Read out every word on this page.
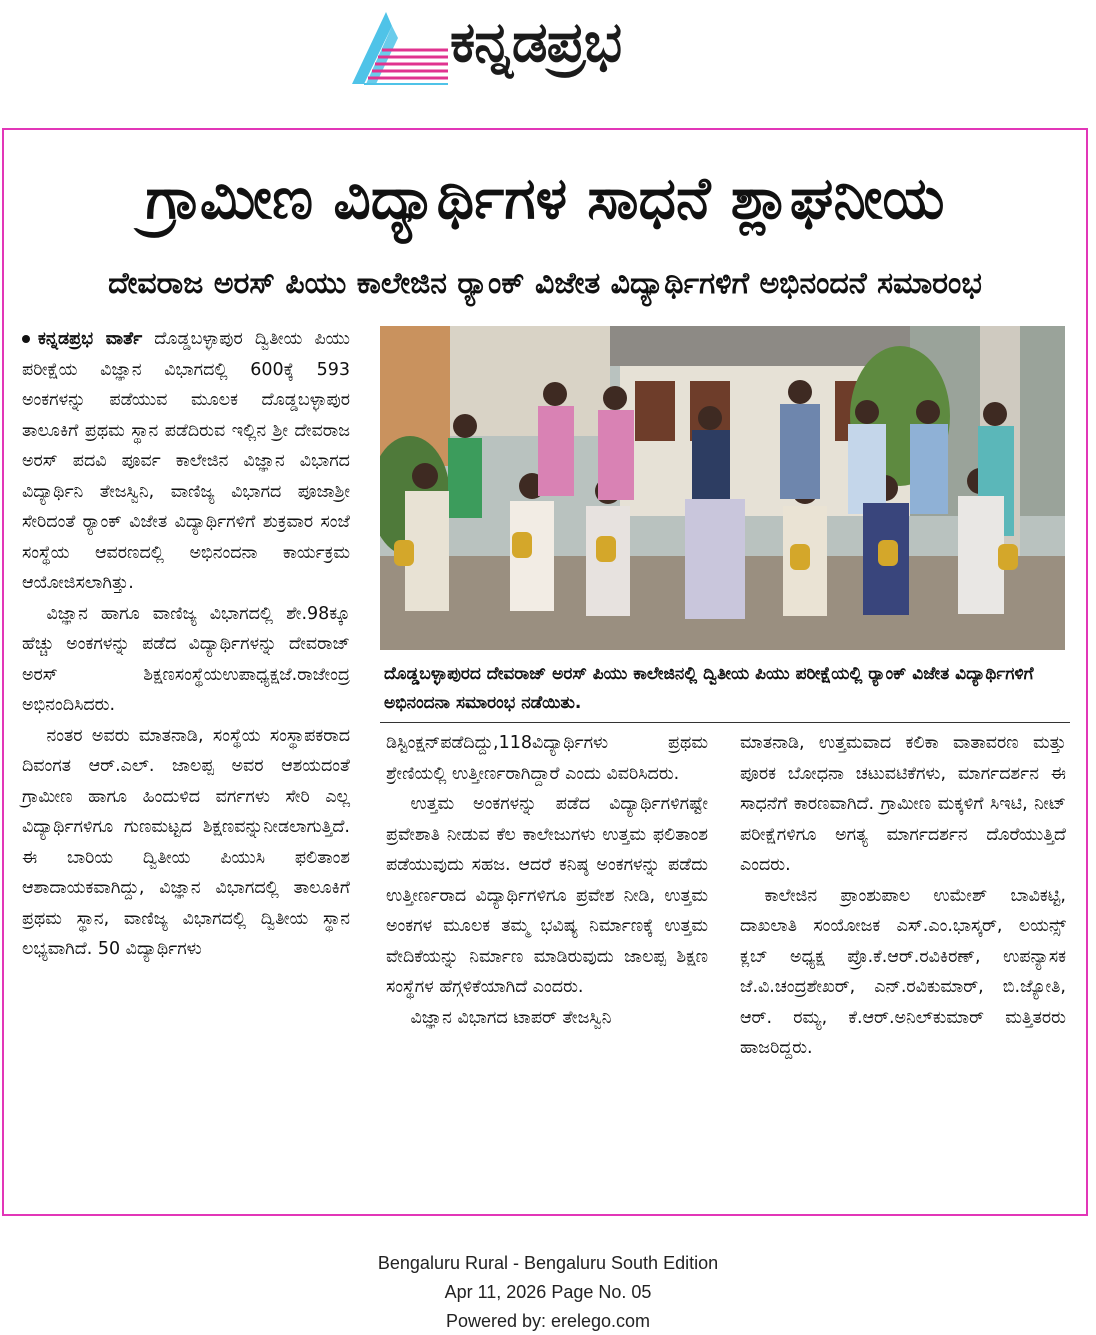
ಕನ್ನಡಪ್ರಭ
ಗ್ರಾಮೀಣ ವಿದ್ಯಾರ್ಥಿಗಳ ಸಾಧನೆ ಶ್ಲಾಘನೀಯ
ದೇವರಾಜ ಅರಸ್ ಪಿಯು ಕಾಲೇಜಿನ ರ‍್ಯಾಂಕ್ ವಿಜೇತ ವಿದ್ಯಾರ್ಥಿಗಳಿಗೆ ಅಭಿನಂದನೆ ಸಮಾರಂಭ

ಕನ್ನಡಪ್ರಭ ವಾರ್ತೆ ದೊಡ್ಡಬಳ್ಳಾಪುರ ದ್ವಿತೀಯ ಪಿಯು ಪರೀಕ್ಷೆಯ ವಿಜ್ಞಾನ ವಿಭಾಗದಲ್ಲಿ 600ಕ್ಕೆ 593 ಅಂಕಗಳನ್ನು ಪಡೆಯುವ ಮೂಲಕ ದೊಡ್ಡಬಳ್ಳಾಪುರ ತಾಲೂಕಿಗೆ ಪ್ರಥಮ ಸ್ಥಾನ ಪಡೆದಿರುವ ಇಲ್ಲಿನ ಶ್ರೀ ದೇವರಾಜ ಅರಸ್ ಪದವಿ ಪೂರ್ವ ಕಾಲೇಜಿನ ವಿಜ್ಞಾನ ವಿಭಾಗದ ವಿದ್ಯಾರ್ಥಿನಿ ತೇಜಸ್ವಿನಿ, ವಾಣಿಜ್ಯ ವಿಭಾಗದ ಪೂಜಾಶ್ರೀ ಸೇರಿದಂತೆ ರ‍್ಯಾಂಕ್ ವಿಜೇತ ವಿದ್ಯಾರ್ಥಿಗಳಿಗೆ ಶುಕ್ರವಾರ ಸಂಜೆ ಸಂಸ್ಥೆಯ ಆವರಣದಲ್ಲಿ ಅಭಿನಂದನಾ ಕಾರ್ಯಕ್ರಮ ಆಯೋಜಿಸಲಾಗಿತ್ತು.

ವಿಜ್ಞಾನ ಹಾಗೂ ವಾಣಿಜ್ಯ ವಿಭಾಗದಲ್ಲಿ ಶೇ.98ಕ್ಕೂ ಹೆಚ್ಚು ಅಂಕಗಳನ್ನು ಪಡೆದ ವಿದ್ಯಾರ್ಥಿಗಳನ್ನು ದೇವರಾಜ್ ಅರಸ್ ಶಿಕ್ಷಣಸಂಸ್ಥೆಯಉಪಾಧ್ಯಕ್ಷಜೆ.ರಾಜೇಂದ್ರ ಅಭಿನಂದಿಸಿದರು.

ನಂತರ ಅವರು ಮಾತನಾಡಿ, ಸಂಸ್ಥೆಯ ಸಂಸ್ಥಾಪಕರಾದ ದಿವಂಗತ ಆರ್.ಎಲ್. ಜಾಲಪ್ಪ ಅವರ ಆಶಯದಂತೆ ಗ್ರಾಮೀಣ ಹಾಗೂ ಹಿಂದುಳಿದ ವರ್ಗಗಳು ಸೇರಿ ಎಲ್ಲ ವಿದ್ಯಾರ್ಥಿಗಳಿಗೂ ಗುಣಮಟ್ಟದ ಶಿಕ್ಷಣವನ್ನುನೀಡಲಾಗುತ್ತಿದೆ. ಈ ಬಾರಿಯ ದ್ವಿತೀಯ ಪಿಯುಸಿ ಫಲಿತಾಂಶ ಆಶಾದಾಯಕವಾಗಿದ್ದು, ವಿಜ್ಞಾನ ವಿಭಾಗದಲ್ಲಿ ತಾಲೂಕಿಗೆ ಪ್ರಥಮ ಸ್ಥಾನ, ವಾಣಿಜ್ಯ ವಿಭಾಗದಲ್ಲಿ ದ್ವಿತೀಯ ಸ್ಥಾನ ಲಭ್ಯವಾಗಿದೆ. 50 ವಿದ್ಯಾರ್ಥಿಗಳು

ದೊಡ್ಡಬಳ್ಳಾಪುರದ ದೇವರಾಜ್ ಅರಸ್ ಪಿಯು ಕಾಲೇಜಿನಲ್ಲಿ ದ್ವಿತೀಯ ಪಿಯು ಪರೀಕ್ಷೆಯಲ್ಲಿ ರ‍್ಯಾಂಕ್ ವಿಜೇತ ವಿದ್ಯಾರ್ಥಿಗಳಿಗೆ ಅಭಿನಂದನಾ ಸಮಾರಂಭ ನಡೆಯಿತು.

ಡಿಸ್ಟಿಂಕ್ಷನ್‌ಪಡೆದಿದ್ದು,118ವಿದ್ಯಾರ್ಥಿಗಳು ಪ್ರಥಮ ಶ್ರೇಣಿಯಲ್ಲಿ ಉತ್ತೀರ್ಣರಾಗಿದ್ದಾರೆ ಎಂದು ವಿವರಿಸಿದರು.

ಉತ್ತಮ ಅಂಕಗಳನ್ನು ಪಡೆದ ವಿದ್ಯಾರ್ಥಿಗಳಿಗಷ್ಟೇ ಪ್ರವೇಶಾತಿ ನೀಡುವ ಕೆಲ ಕಾಲೇಜುಗಳು ಉತ್ತಮ ಫಲಿತಾಂಶ ಪಡೆಯುವುದು ಸಹಜ. ಆದರೆ ಕನಿಷ್ಠ ಅಂಕಗಳನ್ನು ಪಡೆದು ಉತ್ತೀರ್ಣರಾದ ವಿದ್ಯಾರ್ಥಿಗಳಿಗೂ ಪ್ರವೇಶ ನೀಡಿ, ಉತ್ತಮ ಅಂಕಗಳ ಮೂಲಕ ತಮ್ಮ ಭವಿಷ್ಯ ನಿರ್ಮಾಣಕ್ಕೆ ಉತ್ತಮ ವೇದಿಕೆಯನ್ನು ನಿರ್ಮಾಣ ಮಾಡಿರುವುದು ಜಾಲಪ್ಪ ಶಿಕ್ಷಣ ಸಂಸ್ಥೆಗಳ ಹೆಗ್ಗಳಿಕೆಯಾಗಿದೆ ಎಂದರು.

ವಿಜ್ಞಾನ ವಿಭಾಗದ ಟಾಪರ್ ತೇಜಸ್ವಿನಿ

ಮಾತನಾಡಿ, ಉತ್ತಮವಾದ ಕಲಿಕಾ ವಾತಾವರಣ ಮತ್ತು ಪೂರಕ ಬೋಧನಾ ಚಟುವಟಿಕೆಗಳು, ಮಾರ್ಗದರ್ಶನ ಈ ಸಾಧನೆಗೆ ಕಾರಣವಾಗಿದೆ. ಗ್ರಾಮೀಣ ಮಕ್ಕಳಿಗೆ ಸಿಇಟಿ, ನೀಟ್ ಪರೀಕ್ಷೆಗಳಿಗೂ ಅಗತ್ಯ ಮಾರ್ಗದರ್ಶನ ದೊರೆಯುತ್ತಿದೆ ಎಂದರು.

ಕಾಲೇಜಿನ ಪ್ರಾಂಶುಪಾಲ ಉಮೇಶ್ ಬಾವಿಕಟ್ಟಿ, ದಾಖಲಾತಿ ಸಂಯೋಜಕ ಎಸ್.ಎಂ.ಭಾಸ್ಕರ್, ಲಯನ್ಸ್ ಕ್ಲಬ್ ಅಧ್ಯಕ್ಷ ಪ್ರೊ.ಕೆ.ಆರ್.ರವಿಕಿರಣ್, ಉಪನ್ಯಾಸಕ ಜೆ.ವಿ.ಚಂದ್ರಶೇಖರ್, ಎನ್.ರವಿಕುಮಾರ್, ಬಿ.ಜ್ಯೋತಿ, ಆರ್. ರಮ್ಯ, ಕೆ.ಆರ್.ಅನಿಲ್‌ಕುಮಾರ್ ಮತ್ತಿತರರು ಹಾಜರಿದ್ದರು.

Bengaluru Rural - Bengaluru South Edition
Apr 11, 2026 Page No. 05
Powered by: erelego.com
